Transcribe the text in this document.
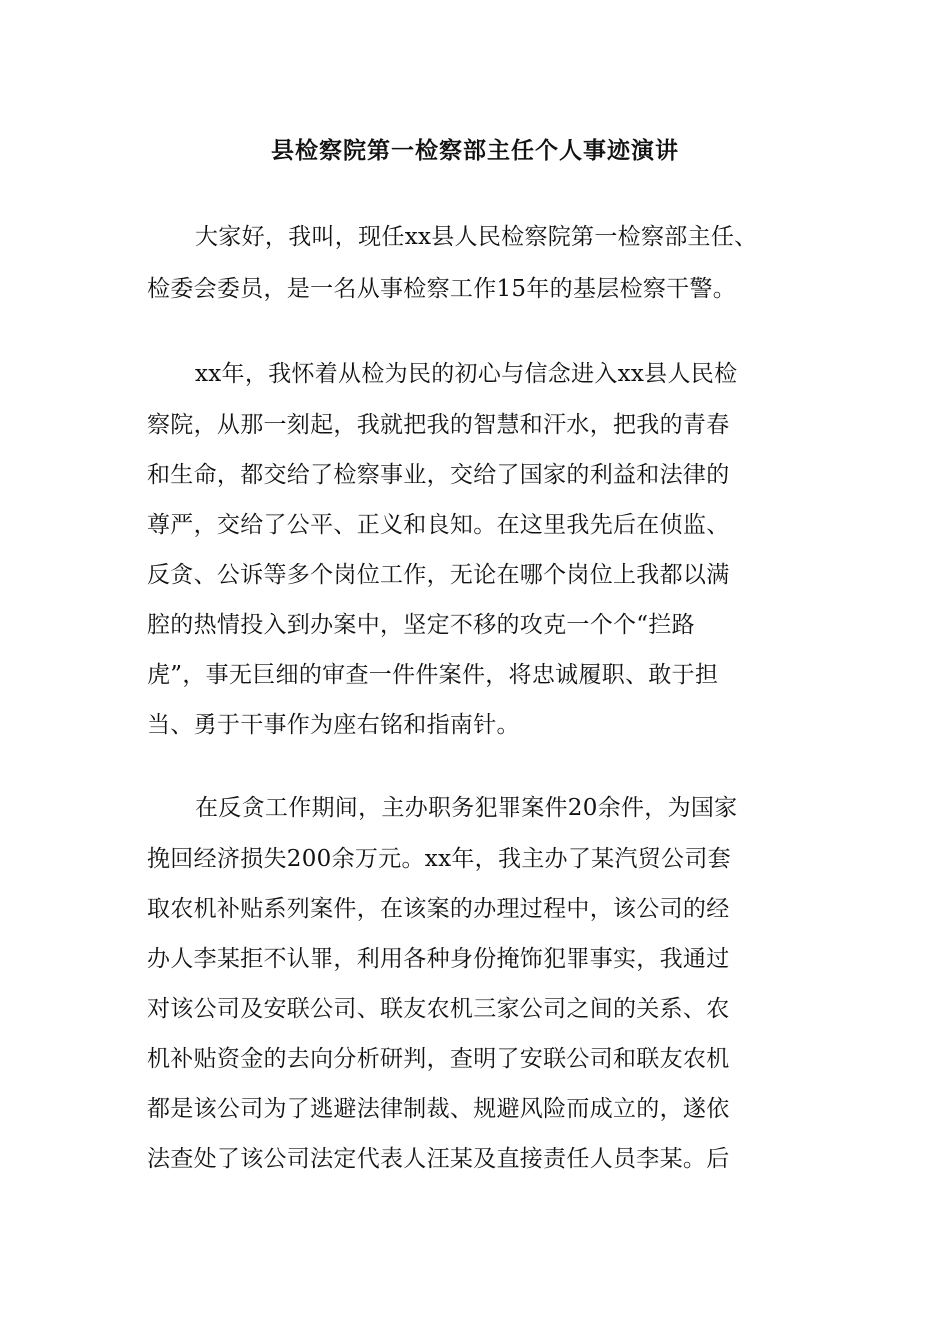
县检察院第一检察部主任个人事迹演讲
大家好，我叫，现任xx县人民检察院第一检察部主任、
检委会委员，是一名从事检察工作15年的基层检察干警。
xx年，我怀着从检为民的初心与信念进入xx县人民检
察院，从那一刻起，我就把我的智慧和汗水，把我的青春
和生命，都交给了检察事业，交给了国家的利益和法律的
尊严，交给了公平、正义和良知。在这里我先后在侦监、
反贪、公诉等多个岗位工作，无论在哪个岗位上我都以满
腔的热情投入到办案中，坚定不移的攻克一个个“拦路
虎”，事无巨细的审查一件件案件，将忠诚履职、敢于担
当、勇于干事作为座右铭和指南针。
在反贪工作期间，主办职务犯罪案件20余件，为国家
挽回经济损失200余万元。xx年，我主办了某汽贸公司套
取农机补贴系列案件，在该案的办理过程中，该公司的经
办人李某拒不认罪，利用各种身份掩饰犯罪事实，我通过
对该公司及安联公司、联友农机三家公司之间的关系、农
机补贴资金的去向分析研判，查明了安联公司和联友农机
都是该公司为了逃避法律制裁、规避风险而成立的，遂依
法查处了该公司法定代表人汪某及直接责任人员李某。后
